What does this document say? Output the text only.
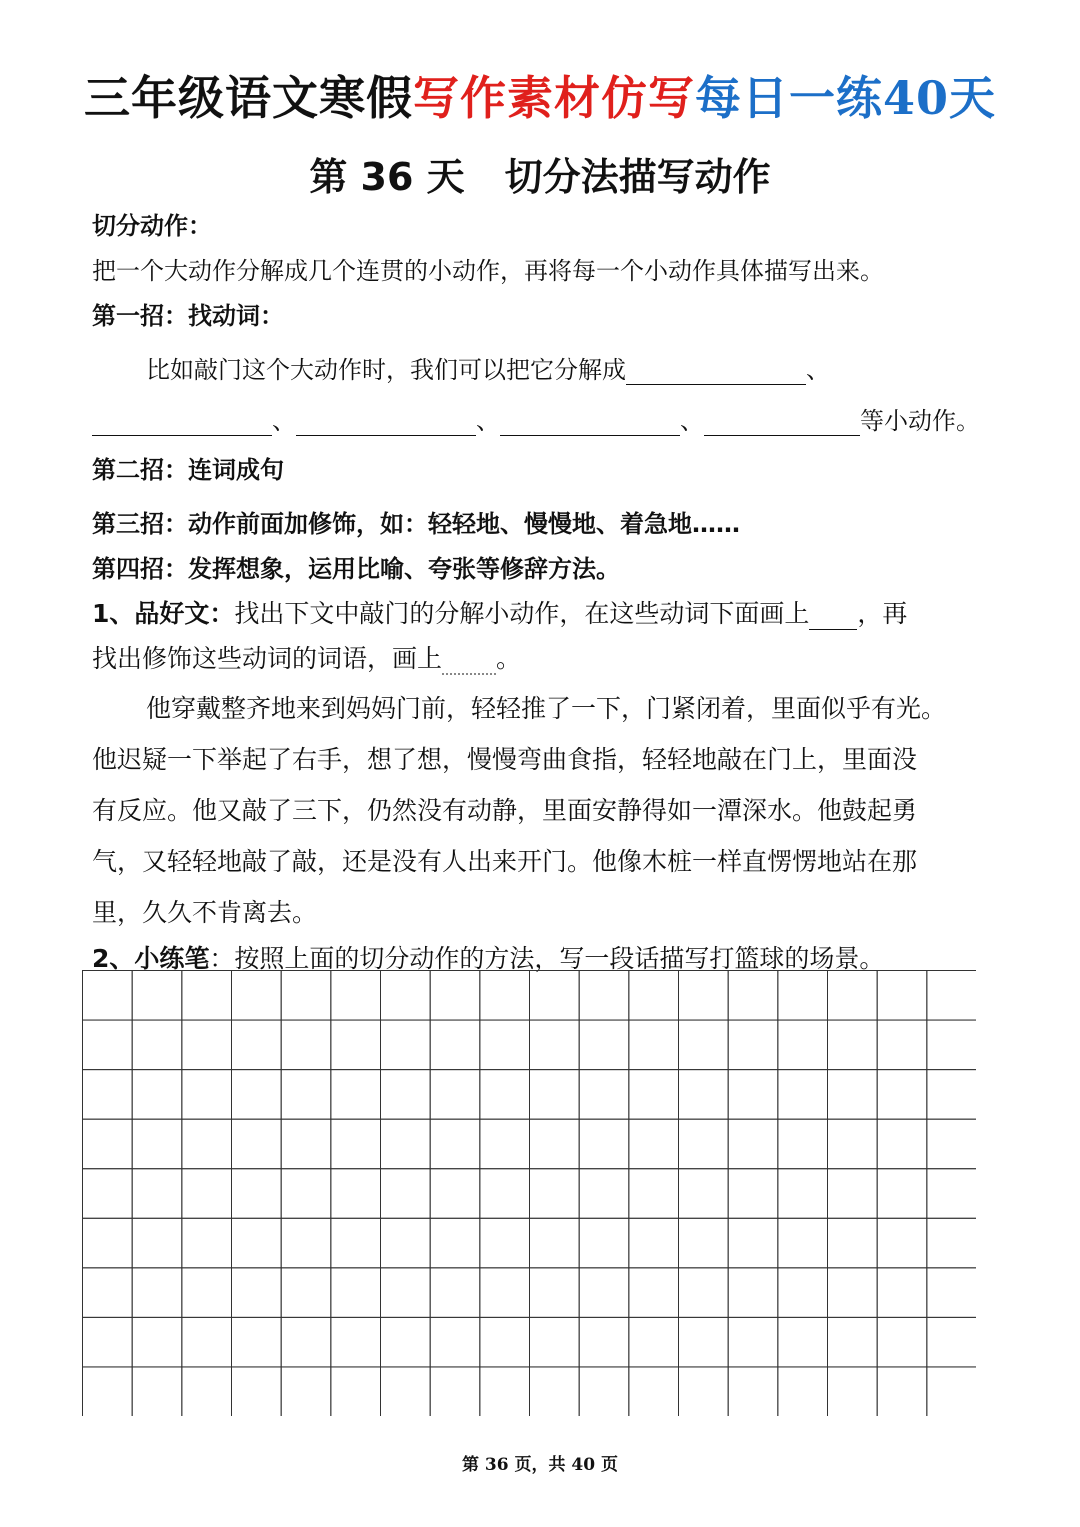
三年级语文寒假写作素材仿写每日一练40天
第 36 天 切分法描写动作
切分动作：
把一个大动作分解成几个连贯的小动作，再将每一个小动作具体描写出来。
第一招：找动词：
比如敲门这个大动作时，我们可以把它分解成	、
、	、	、	等小动作。
第二招：连词成句
第三招：动作前面加修饰，如：轻轻地、慢慢地、着急地……
第四招：发挥想象，运用比喻、夸张等修辞方法。
1、品好文：找出下文中敲门的分解小动作，在这些动词下面画上 ，再
找出修饰这些动词的词语，画上 。
他穿戴整齐地来到妈妈门前，轻轻推了一下，门紧闭着，里面似乎有光。
他迟疑一下举起了右手，想了想，慢慢弯曲食指，轻轻地敲在门上，里面没
有反应。他又敲了三下，仍然没有动静，里面安静得如一潭深水。他鼓起勇
气，又轻轻地敲了敲，还是没有人出来开门。他像木桩一样直愣愣地站在那
里，久久不肯离去。
2、小练笔：按照上面的切分动作的方法，写一段话描写打篮球的场景。
第 36 页，共 40 页
